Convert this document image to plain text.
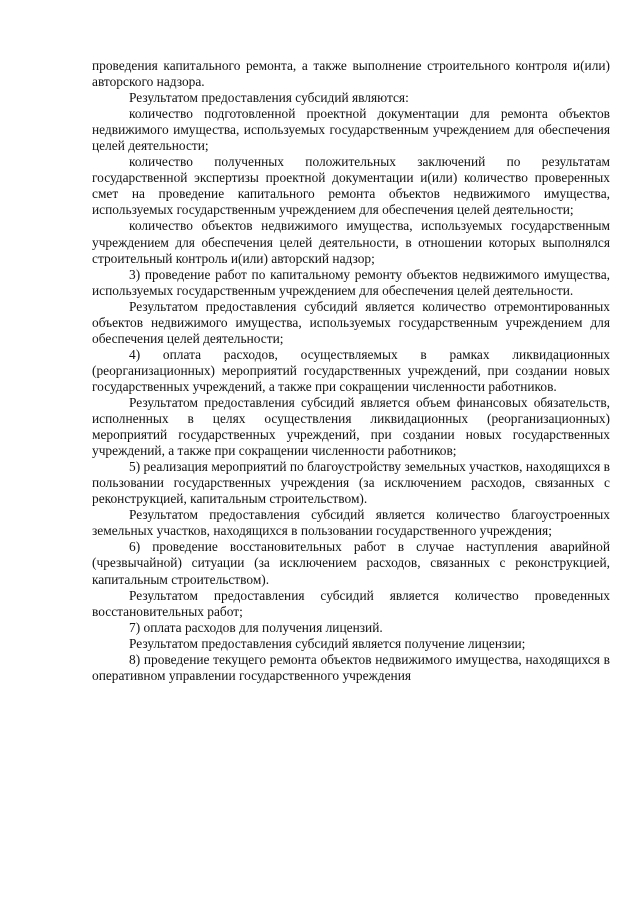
проведения капитального ремонта, а также выполнение строительного контроля и(или) авторского надзора.

Результатом предоставления субсидий являются:

количество подготовленной проектной документации для ремонта объектов недвижимого имущества, используемых государственным учреждением для обеспечения целей деятельности;

количество полученных положительных заключений по результатам государственной экспертизы проектной документации и(или) количество проверенных смет на проведение капитального ремонта объектов недвижимого имущества, используемых государственным учреждением для обеспечения целей деятельности;

количество объектов недвижимого имущества, используемых государственным учреждением для обеспечения целей деятельности, в отношении которых выполнялся строительный контроль и(или) авторский надзор;

3) проведение работ по капитальному ремонту объектов недвижимого имущества, используемых государственным учреждением для обеспечения целей деятельности.

Результатом предоставления субсидий является количество отремонтированных объектов недвижимого имущества, используемых государственным учреждением для обеспечения целей деятельности;

4) оплата расходов, осуществляемых в рамках ликвидационных (реорганизационных) мероприятий государственных учреждений, при создании новых государственных учреждений, а также при сокращении численности работников.

Результатом предоставления субсидий является объем финансовых обязательств, исполненных в целях осуществления ликвидационных (реорганизационных) мероприятий государственных учреждений, при создании новых государственных учреждений, а также при сокращении численности работников;

5) реализация мероприятий по благоустройству земельных участков, находящихся в пользовании государственных учреждения (за исключением расходов, связанных с реконструкцией, капитальным строительством).

Результатом предоставления субсидий является количество благоустроенных земельных участков, находящихся в пользовании государственного учреждения;

6) проведение восстановительных работ в случае наступления аварийной (чрезвычайной) ситуации (за исключением расходов, связанных с реконструкцией, капитальным строительством).

Результатом предоставления субсидий является количество проведенных восстановительных работ;

7) оплата расходов для получения лицензий.

Результатом предоставления субсидий является получение лицензии;

8) проведение текущего ремонта объектов недвижимого имущества, находящихся в оперативном управлении государственного учреждения
